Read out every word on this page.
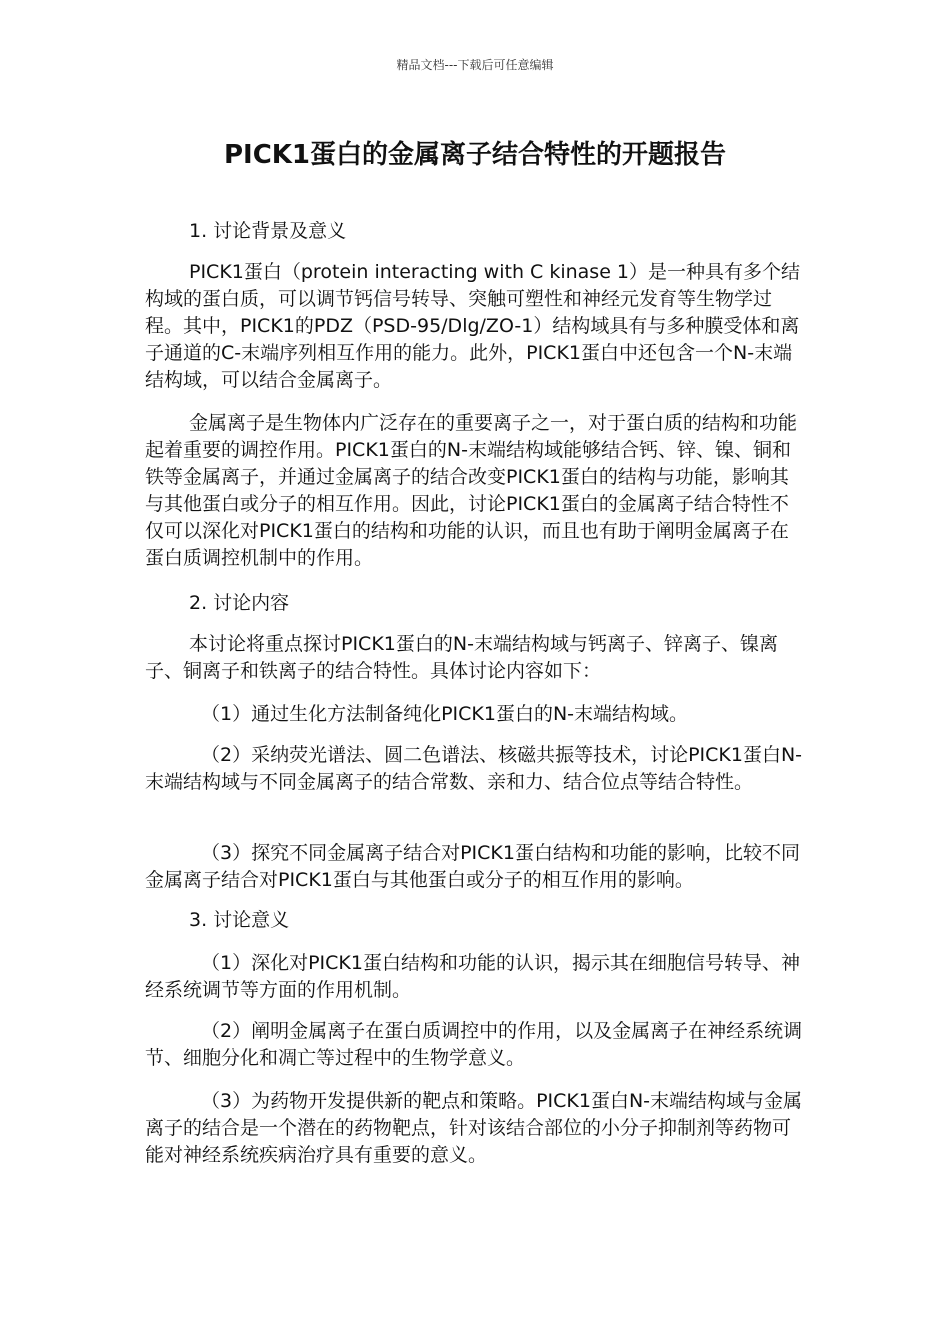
精品文档---下载后可任意编辑
PICK1蛋白的金属离子结合特性的开题报告

1. 讨论背景及意义

PICK1蛋白（protein interacting with C kinase 1）是一种具有多个结构域的蛋白质，可以调节钙信号转导、突触可塑性和神经元发育等生物学过程。其中，PICK1的PDZ（PSD-95/Dlg/ZO-1）结构域具有与多种膜受体和离子通道的C-末端序列相互作用的能力。此外，PICK1蛋白中还包含一个N-末端结构域，可以结合金属离子。

金属离子是生物体内广泛存在的重要离子之一，对于蛋白质的结构和功能起着重要的调控作用。PICK1蛋白的N-末端结构域能够结合钙、锌、镍、铜和铁等金属离子，并通过金属离子的结合改变PICK1蛋白的结构与功能，影响其与其他蛋白或分子的相互作用。因此，讨论PICK1蛋白的金属离子结合特性不仅可以深化对PICK1蛋白的结构和功能的认识，而且也有助于阐明金属离子在蛋白质调控机制中的作用。

2. 讨论内容

本讨论将重点探讨PICK1蛋白的N-末端结构域与钙离子、锌离子、镍离子、铜离子和铁离子的结合特性。具体讨论内容如下：

（1）通过生化方法制备纯化PICK1蛋白的N-末端结构域。

（2）采纳荧光谱法、圆二色谱法、核磁共振等技术，讨论PICK1蛋白N-末端结构域与不同金属离子的结合常数、亲和力、结合位点等结合特性。

（3）探究不同金属离子结合对PICK1蛋白结构和功能的影响，比较不同金属离子结合对PICK1蛋白与其他蛋白或分子的相互作用的影响。

3. 讨论意义

（1）深化对PICK1蛋白结构和功能的认识，揭示其在细胞信号转导、神经系统调节等方面的作用机制。

（2）阐明金属离子在蛋白质调控中的作用，以及金属离子在神经系统调节、细胞分化和凋亡等过程中的生物学意义。

（3）为药物开发提供新的靶点和策略。PICK1蛋白N-末端结构域与金属离子的结合是一个潜在的药物靶点，针对该结合部位的小分子抑制剂等药物可能对神经系统疾病治疗具有重要的意义。
